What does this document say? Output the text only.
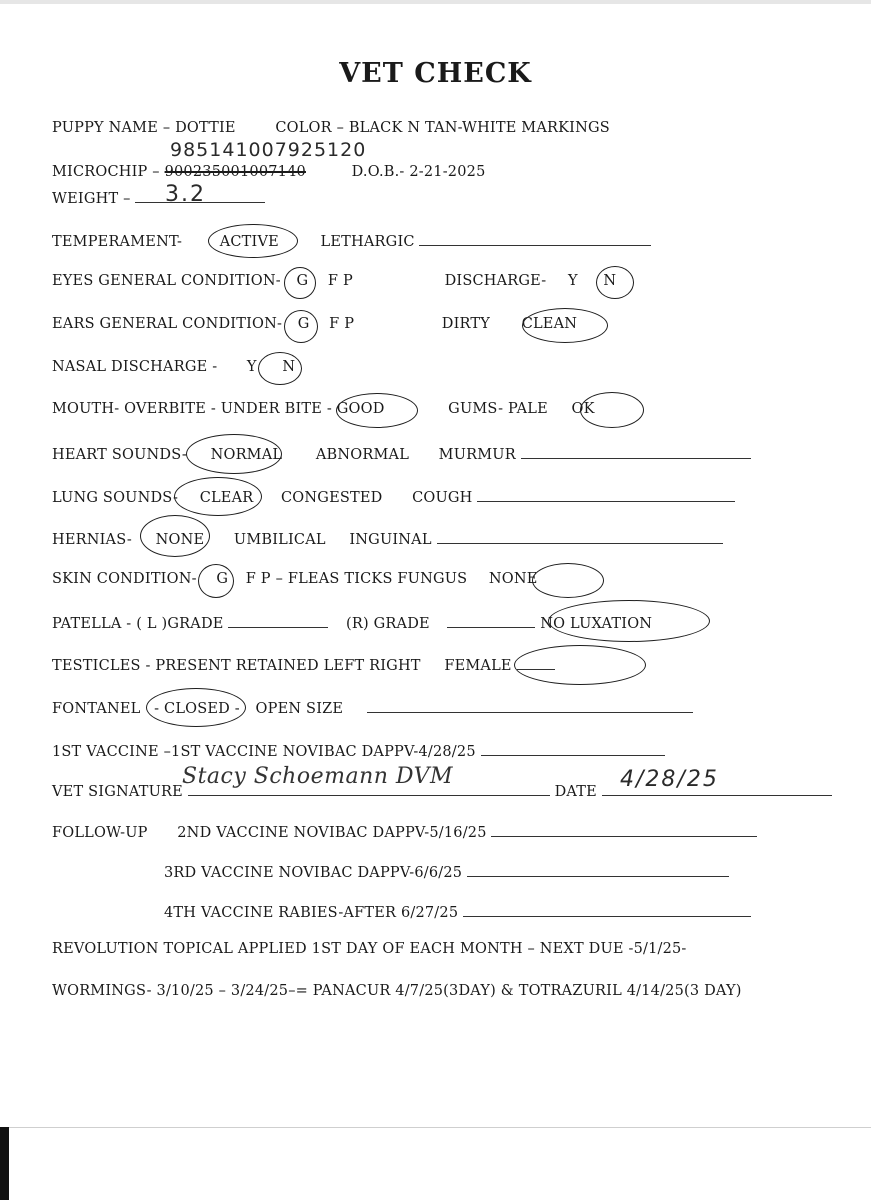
VET CHECK
PUPPY NAME – DOTTIE	COLOR – BLACK N TAN-WHITE MARKINGS
985141007925120
MICROCHIP – 900235001007140	D.O.B.- 2-21-2025
WEIGHT –	3.2
TEMPERAMENT-	ACTIVE	LETHARGIC
EYES GENERAL CONDITION- G F P	DISCHARGE- Y N
EARS GENERAL CONDITION- G F P	DIRTY CLEAN
NASAL DISCHARGE - Y N
MOUTH- OVERBITE - UNDER BITE - GOOD	GUMS- PALE OK
HEART SOUNDS- NORMAL ABNORMAL MURMUR
LUNG SOUNDS- CLEAR CONGESTED COUGH
HERNIAS- NONE UMBILICAL INGUINAL
SKIN CONDITION- G F P – FLEAS TICKS FUNGUS NONE
PATELLA - ( L )GRADE	(R) GRADE	NO LUXATION
TESTICLES - PRESENT RETAINED LEFT RIGHT FEMALE
FONTANEL - CLOSED - OPEN SIZE
1ST VACCINE –1ST VACCINE NOVIBAC DAPPV-4/28/25
VET SIGNATURE	DATE
Stacy Schoemann DVM	4/28/25
FOLLOW-UP 2ND VACCINE NOVIBAC DAPPV-5/16/25
3RD VACCINE NOVIBAC DAPPV-6/6/25
4TH VACCINE RABIES-AFTER 6/27/25
REVOLUTION TOPICAL APPLIED 1ST DAY OF EACH MONTH – NEXT DUE -5/1/25-
WORMINGS- 3/10/25 – 3/24/25–= PANACUR 4/7/25(3DAY) & TOTRAZURIL 4/14/25(3 DAY)
